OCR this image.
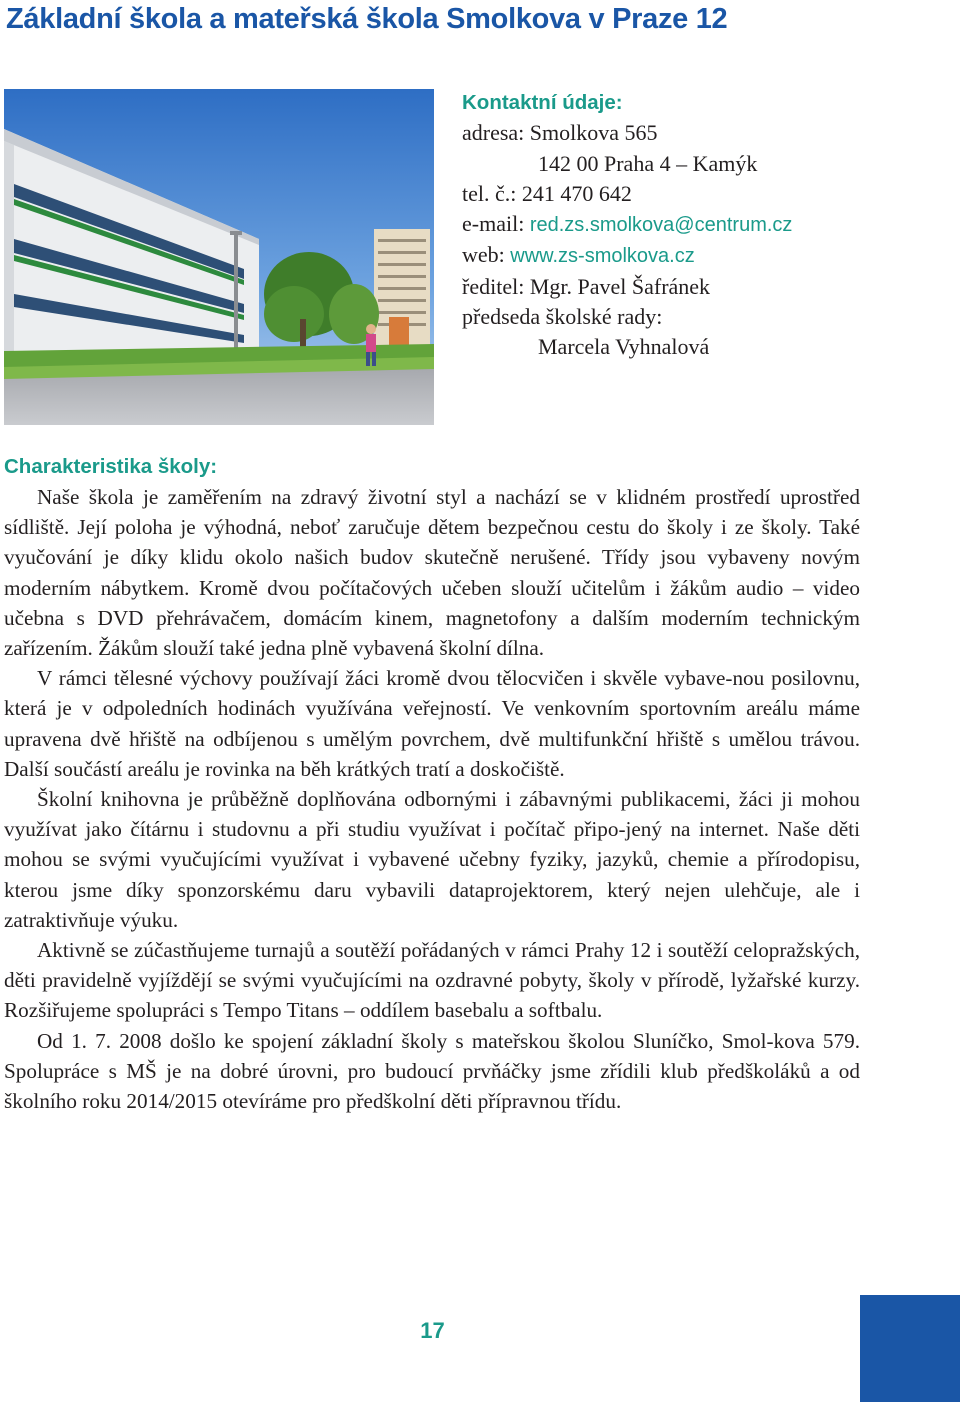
Základní škola a mateřská škola Smolkova v Praze 12
Kontaktní údaje:
adresa: Smolkova 565
142 00 Praha 4 – Kamýk
tel. č.: 241 470 642
e-mail: red.zs.smolkova@centrum.cz
web: www.zs-smolkova.cz
ředitel: Mgr. Pavel Šafránek
předseda školské rady:
Marcela Vyhnalová
Charakteristika školy:

Naše škola je zaměřením na zdravý životní styl a nachází se v klidném prostředí uprostřed sídliště. Její poloha je výhodná, neboť zaručuje dětem bezpečnou cestu do školy i ze školy. Také vyučování je díky klidu okolo našich budov skutečně nerušené. Třídy jsou vybaveny novým moderním nábytkem. Kromě dvou počítačových učeben slouží učitelům i žákům audio – video učebna s DVD přehrávačem, domácím kinem, magnetofony a dalším moderním technickým zařízením. Žákům slouží také jedna plně vybavená školní dílna.

V rámci tělesné výchovy používají žáci kromě dvou tělocvičen i skvěle vybave-nou posilovnu, která je v odpoledních hodinách využívána veřejností. Ve venkovním sportovním areálu máme upravena dvě hřiště na odbíjenou s umělým povrchem, dvě multifunkční hřiště s umělou trávou. Další součástí areálu je rovinka na běh krátkých tratí a doskočiště.

Školní knihovna je průběžně doplňována odbornými i zábavnými publikacemi, žáci ji mohou využívat jako čítárnu i studovnu a při studiu využívat i počítač připo-jený na internet. Naše děti mohou se svými vyučujícími využívat i vybavené učebny fyziky, jazyků, chemie a přírodopisu, kterou jsme díky sponzorskému daru vybavili dataprojektorem, který nejen ulehčuje, ale i zatraktivňuje výuku.

Aktivně se zúčastňujeme turnajů a soutěží pořádaných v rámci Prahy 12 i soutěží celopražských, děti pravidelně vyjíždějí se svými vyučujícími na ozdravné pobyty, školy v přírodě, lyžařské kurzy. Rozšiřujeme spolupráci s Tempo Titans – oddílem basebalu a softbalu.

Od 1. 7. 2008 došlo ke spojení základní školy s mateřskou školou Sluníčko, Smol-kova 579. Spolupráce s MŠ je na dobré úrovni, pro budoucí prvňáčky jsme zřídili klub předškoláků a od školního roku 2014/2015 otevíráme pro předškolní děti přípravnou třídu.

17
